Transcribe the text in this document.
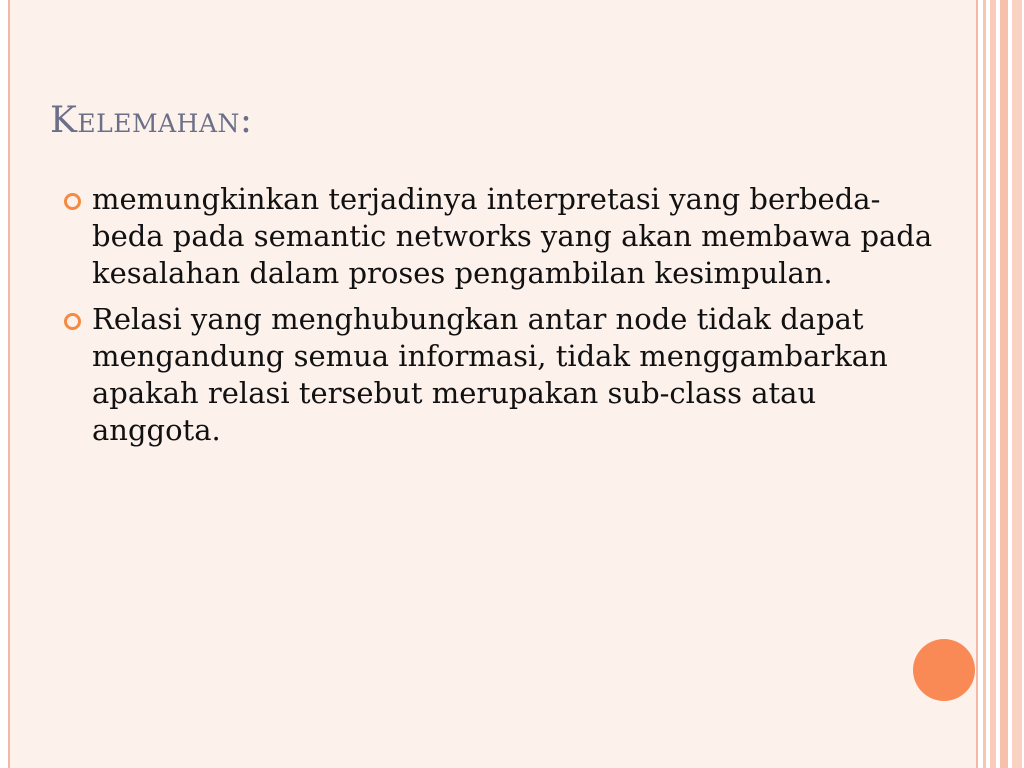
Kelemahan:
memungkinkan terjadinya interpretasi yang berbeda-beda pada semantic networks yang akan membawa pada kesalahan dalam proses pengambilan kesimpulan.
Relasi yang menghubungkan antar node tidak dapat mengandung semua informasi, tidak menggambarkan apakah relasi tersebut merupakan sub-class atau anggota.
